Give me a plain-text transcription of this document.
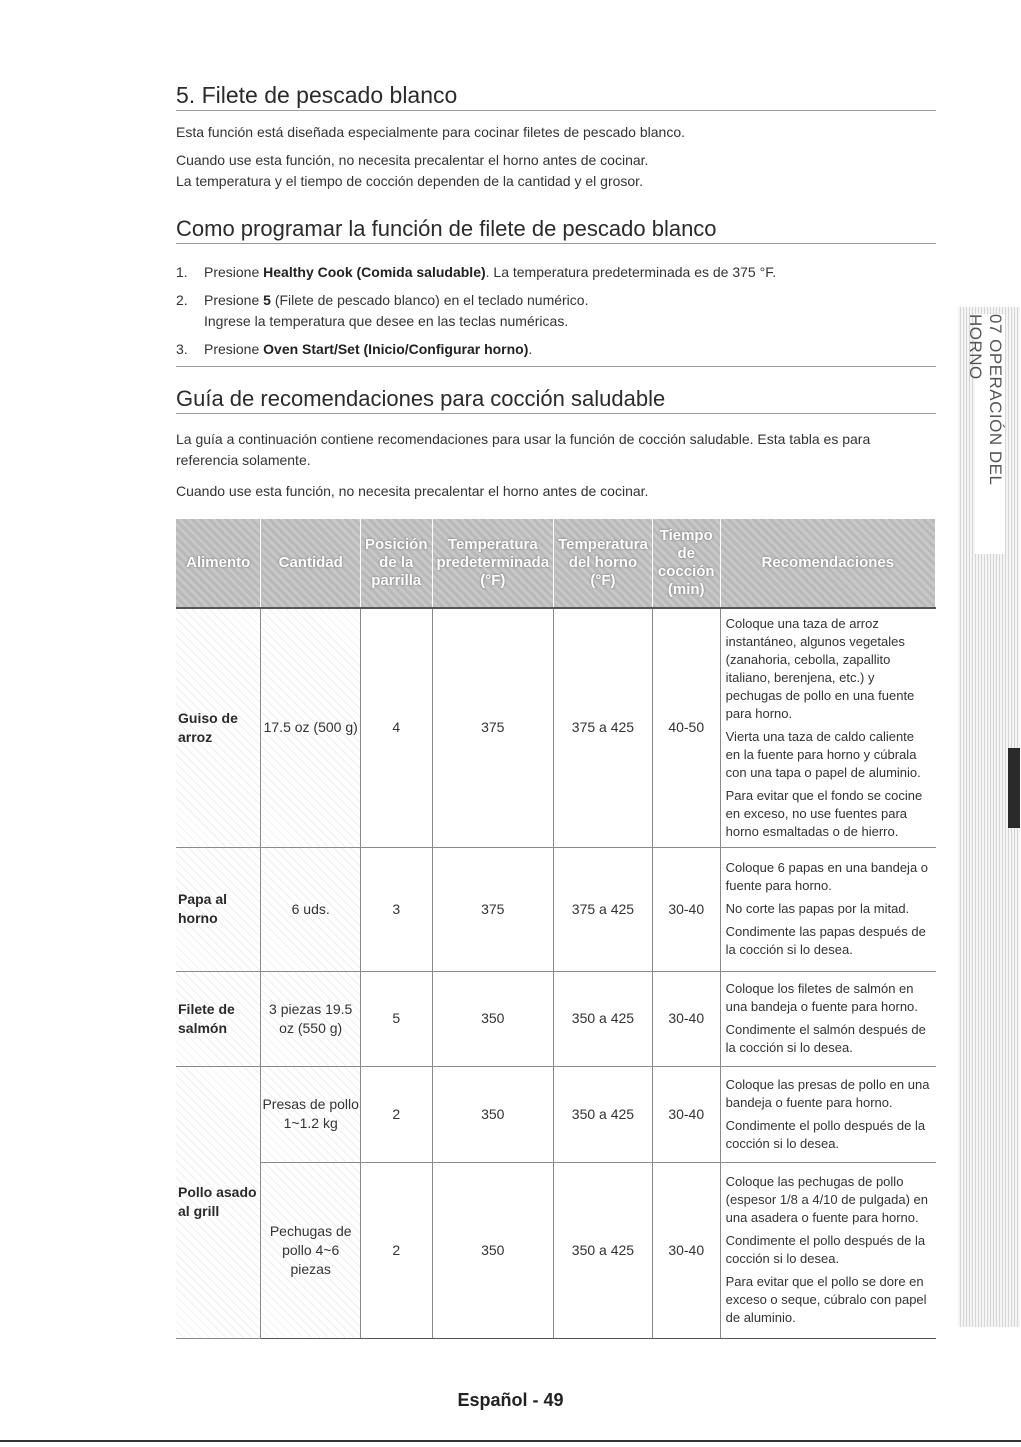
5. Filete de pescado blanco

Esta función está diseñada especialmente para cocinar filetes de pescado blanco.

Cuando use esta función, no necesita precalentar el horno antes de cocinar.

La temperatura y el tiempo de cocción dependen de la cantidad y el grosor.

Como programar la función de filete de pescado blanco
1.	Presione Healthy Cook (Comida saludable). La temperatura predeterminada es de 375 °F.
2.	Presione 5 (Filete de pescado blanco) en el teclado numérico.
Ingrese la temperatura que desee en las teclas numéricas.
3.	Presione Oven Start/Set (Inicio/Configurar horno).
Guía de recomendaciones para cocción saludable

La guía a continuación contiene recomendaciones para usar la función de cocción saludable. Esta tabla es para referencia solamente.

Cuando use esta función, no necesita precalentar el horno antes de cocinar.

Alimento	Cantidad	Posición de la parrilla	Temperatura predeterminada (°F)	Temperatura del horno (°F)	Tiempo de cocción (min)	Recomendaciones
Guiso de arroz	17.5 oz (500 g)	4	375	375 a 425	40-50	Coloque una taza de arroz instantáneo, algunos vegetales (zanahoria, cebolla, zapallito italiano, berenjena, etc.) y pechugas de pollo en una fuente para horno.

Vierta una taza de caldo caliente en la fuente para horno y cúbrala con una tapa o papel de aluminio.

Para evitar que el fondo se cocine en exceso, no use fuentes para horno esmaltadas o de hierro.

Papa al horno	6 uds.	3	375	375 a 425	30-40	Coloque 6 papas en una bandeja o fuente para horno.

No corte las papas por la mitad.

Condimente las papas después de la cocción si lo desea.

Filete de salmón	3 piezas 19.5 oz (550 g)	5	350	350 a 425	30-40	Coloque los filetes de salmón en una bandeja o fuente para horno.

Condimente el salmón después de la cocción si lo desea.

Pollo asado al grill	Presas de pollo 1~1.2 kg	2	350	350 a 425	30-40	Coloque las presas de pollo en una bandeja o fuente para horno.

Condimente el pollo después de la cocción si lo desea.

	Pechugas de pollo 4~6 piezas	2	350	350 a 425	30-40	Coloque las pechugas de pollo (espesor 1/8 a 4/10 de pulgada) en una asadera o fuente para horno.

Condimente el pollo después de la cocción si lo desea.

Para evitar que el pollo se dore en exceso o seque, cúbralo con papel de aluminio.

07 OPERACIÓN DEL HORNO
Español - 49
